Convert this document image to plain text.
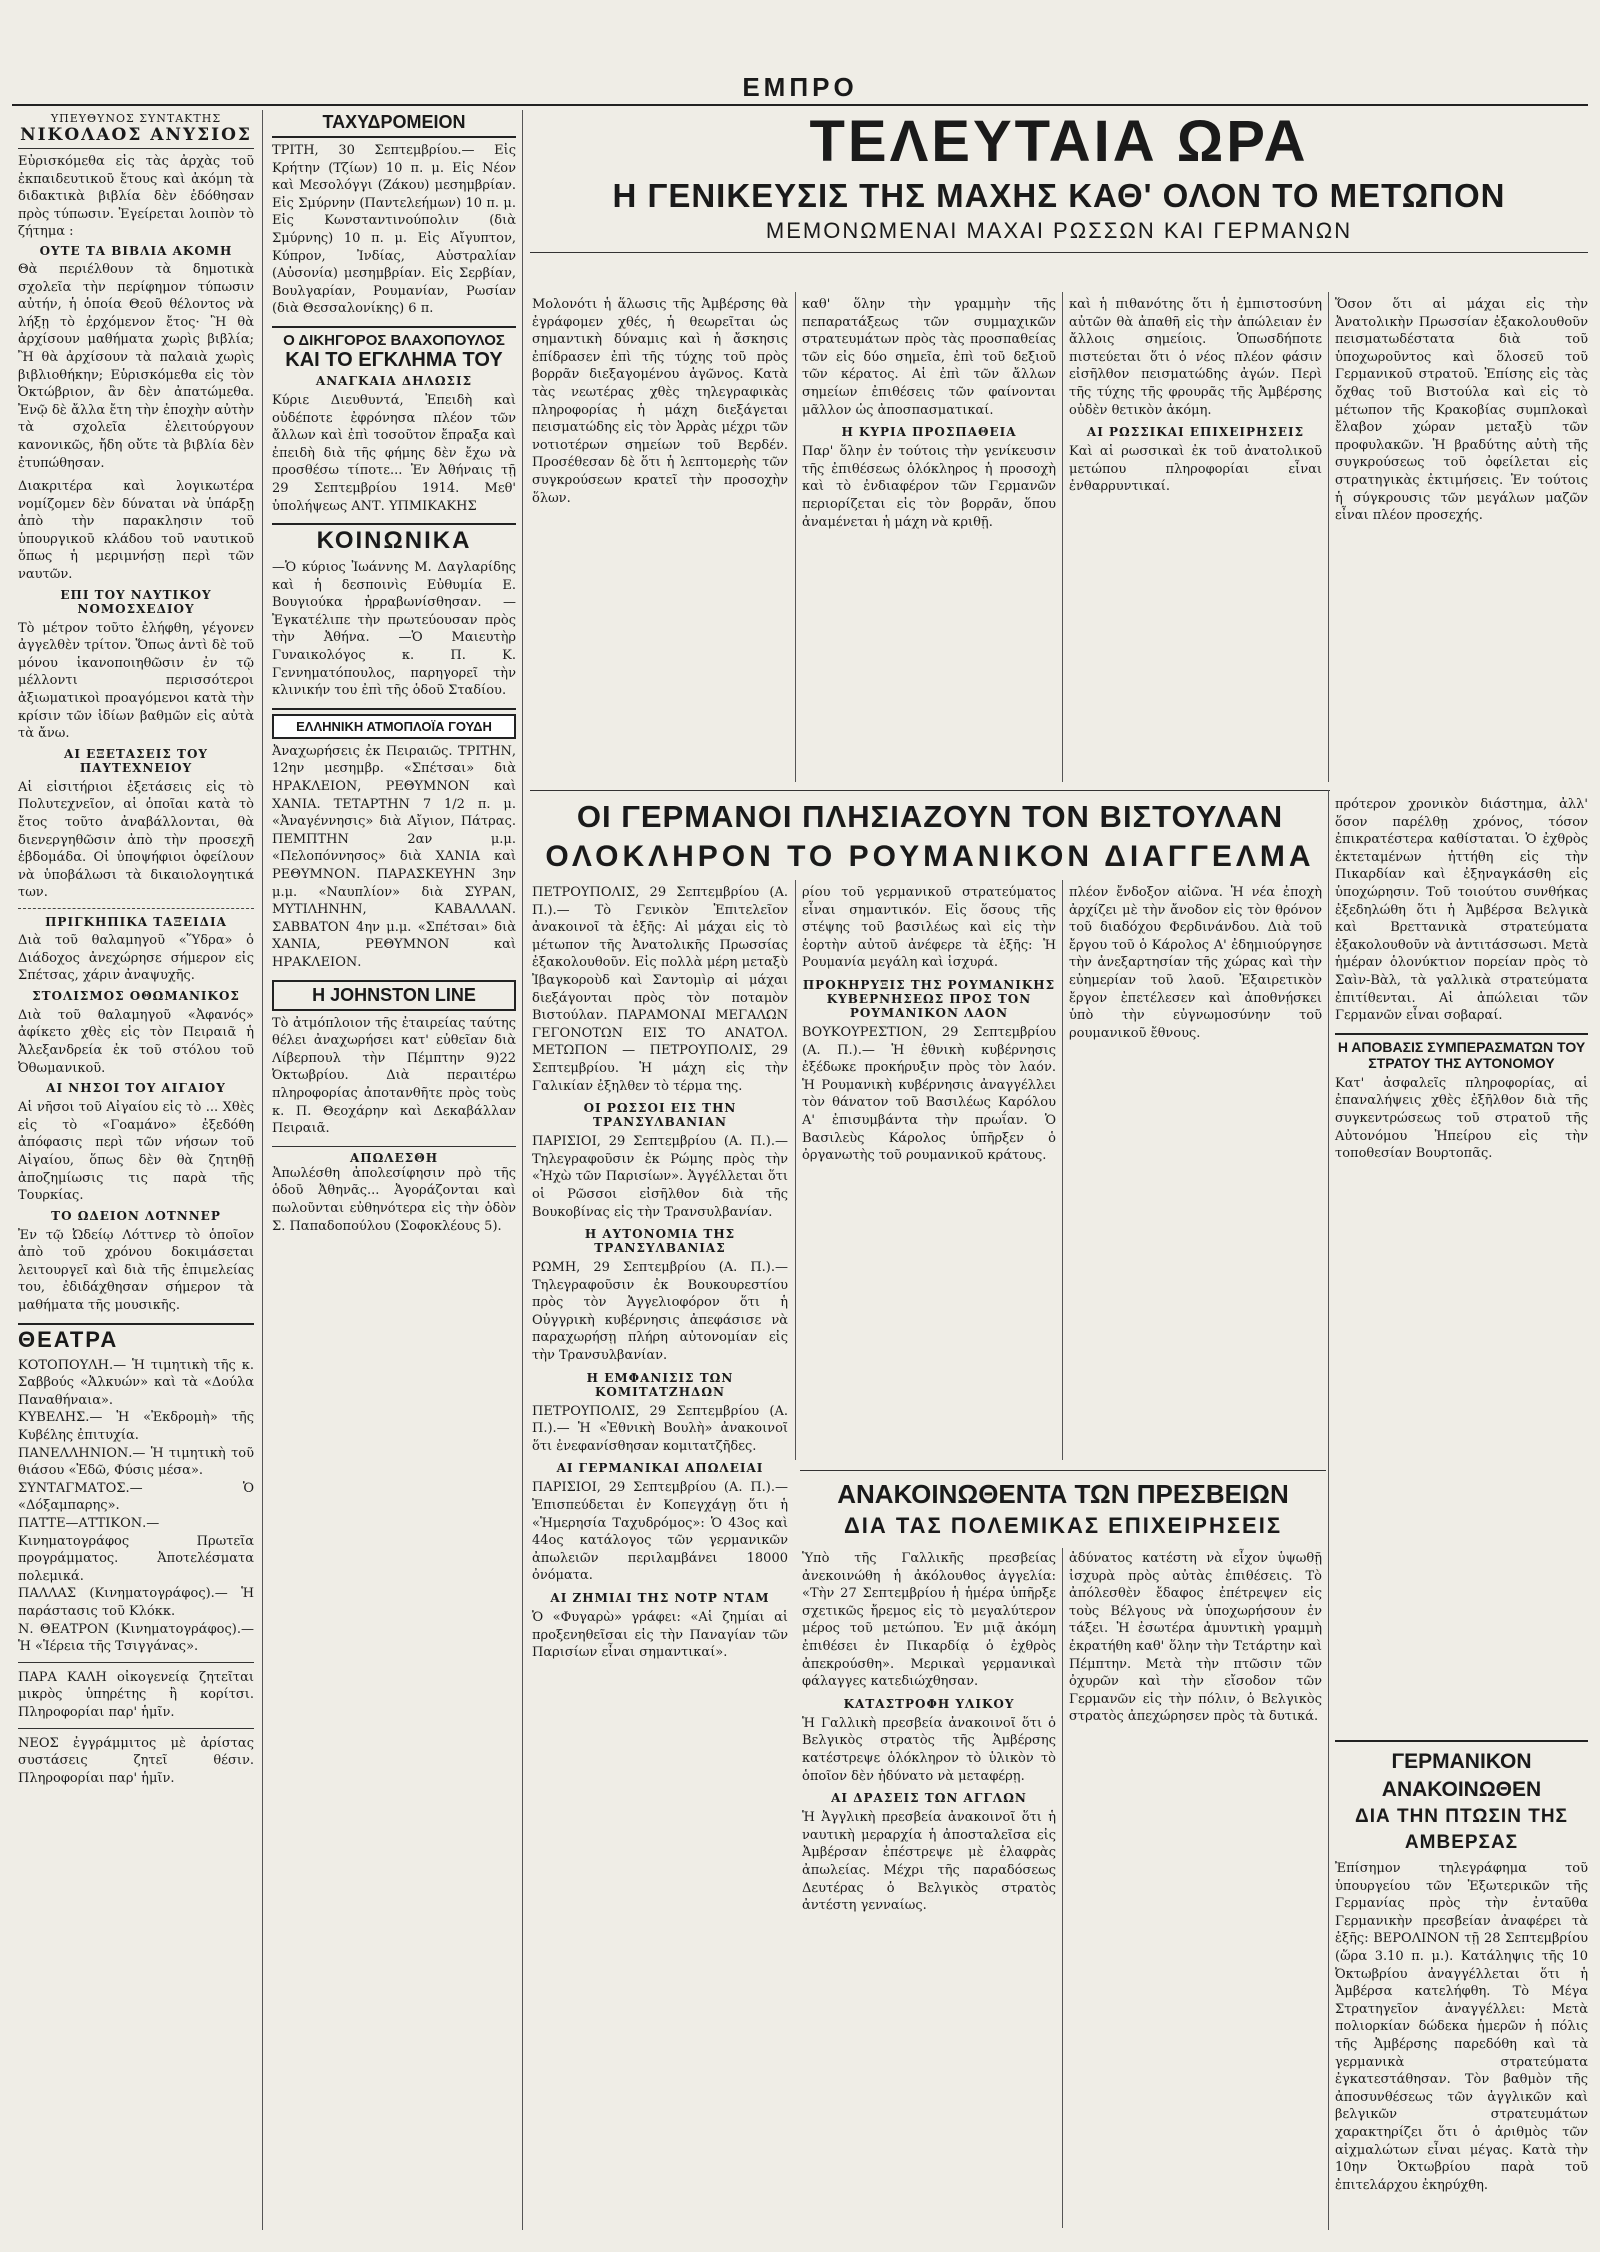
ΕΜΠΡΟ
ΥΠΕΥΘΥΝΟΣ ΣΥΝΤΑΚΤΗΣ
ΝΙΚΟΛΑΟΣ ΑΝΥΣΙΟΣ
Εὐρισκόμεθα εἰς τὰς ἀρχὰς τοῦ ἐκπαιδευτικοῦ ἔτους καὶ ἀκόμη τὰ διδακτικὰ βιβλία δὲν ἐδόθησαν πρὸς τύπωσιν. Ἐγείρεται λοιπὸν τὸ ζήτημα :
ΟΥΤΕ ΤΑ ΒΙΒΛΙΑ ΑΚΟΜΗ
Θὰ περιέλθουν τὰ δημοτικὰ σχολεῖα τὴν περίφημον τύπωσιν αὐτήν, ἡ ὁποία Θεοῦ θέλοντος νὰ λήξῃ τὸ ἐρχόμενον ἔτος· Ἢ θὰ ἀρχίσουν μαθήματα χωρὶς βιβλία; Ἢ θὰ ἀρχίσουν τὰ παλαιὰ χωρὶς βιβλιοθήκην; Εὑρισκόμεθα εἰς τὸν Ὀκτώβριον, ἂν δὲν ἀπατώμεθα. Ἐνῷ δὲ ἄλλα ἔτη τὴν ἐποχὴν αὐτὴν τὰ σχολεῖα ἐλειτούργουν κανονικῶς, ἤδη οὔτε τὰ βιβλία δὲν ἐτυπώθησαν.
Διακριτέρα καὶ λογικωτέρα νομίζομεν δὲν δύναται νὰ ὑπάρξῃ ἀπὸ τὴν παρακλησιν τοῦ ὑπουργικοῦ κλάδου τοῦ ναυτικοῦ ὅπως ἡ μεριμνήσῃ περὶ τῶν ναυτῶν.
ΕΠΙ ΤΟΥ ΝΑΥΤΙΚΟΥ ΝΟΜΟΣΧΕΔΙΟΥ
Τὸ μέτρον τοῦτο ἐλήφθη, γέγονεν ἀγγελθὲν τρίτον. Ὅπως ἀντὶ δὲ τοῦ μόνου ἱκανοποιηθῶσιν ἐν τῷ μέλλοντι περισσότεροι ἀξιωματικοὶ προαγόμενοι κατὰ τὴν κρίσιν τῶν ἰδίων βαθμῶν εἰς αὐτὰ τὰ ἄνω.
ΑΙ ΕΞΕΤΑΣΕΙΣ ΤΟΥ ΠΑΥΤΕΧΝΕΙΟΥ
Αἱ εἰσιτήριοι ἐξετάσεις εἰς τὸ Πολυτεχνεῖον, αἱ ὁποῖαι κατὰ τὸ ἔτος τοῦτο ἀναβάλλονται, θὰ διενεργηθῶσιν ἀπὸ τὴν προσεχῆ ἑβδομάδα. Οἱ ὑποψήφιοι ὀφείλουν νὰ ὑποβάλωσι τὰ δικαιολογητικά των.
ΠΡΙΓΚΗΠΙΚΑ ΤΑΞΕΙΔΙΑ
Διὰ τοῦ θαλαμηγοῦ «Ὕδρα» ὁ Διάδοχος ἀνεχώρησε σήμερον εἰς Σπέτσας, χάριν ἀναψυχῆς.
ΣΤΟΛΙΣΜΟΣ ΟΘΩΜΑΝΙΚΟΣ
Διὰ τοῦ θαλαμηγοῦ «Ἀφανός» ἀφίκετο χθὲς εἰς τὸν Πειραιᾶ ἡ Ἀλεξανδρεία ἐκ τοῦ στόλου τοῦ Ὀθωμανικοῦ.
ΑΙ ΝΗΣΟΙ ΤΟΥ ΑΙΓΑΙΟΥ
Αἱ νῆσοι τοῦ Αἰγαίου εἰς τὸ ... Χθὲς εἰς τὸ «Γοαμάνο» ἐξεδόθη ἀπόφασις περὶ τῶν νήσων τοῦ Αἰγαίου, ὅπως δὲν θὰ ζητηθῇ ἀποζημίωσις τις παρὰ τῆς Τουρκίας.
ΤΟ ΩΔΕΙΟΝ ΛΟΤΝΝΕΡ
Ἐν τῷ Ὠδείῳ Λόττνερ τὸ ὁποῖον ἀπὸ τοῦ χρόνου δοκιμάσεται λειτουργεῖ καὶ διὰ τῆς ἐπιμελείας του, ἐδιδάχθησαν σήμερον τὰ μαθήματα τῆς μουσικῆς.
ΘΕΑΤΡΑ
ΚΟΤΟΠΟΥΛΗ.— Ἡ τιμητικὴ τῆς κ. Σαββούς «Ἀλκυών» καὶ τὰ «Δούλα Παναθήναια».
ΚΥΒΕΛΗΣ.— Ἡ «Ἐκδρομὴ» τῆς Κυβέλης ἐπιτυχία.
ΠΑΝΕΛΛΗΝΙΟΝ.— Ἡ τιμητικὴ τοῦ θιάσου «Ἐδῶ, Φύσις μέσα».
ΣΥΝΤΑΓΜΑΤΟΣ.— Ὁ «Δόξαμπαρης».
ΠΑΤΤΕ—ΑΤΤΙΚΟΝ.— Κινηματογράφος Πρωτεῖα προγράμματος. Ἀποτελέσματα πολεμικά.
ΠΑΛΛΑΣ (Κινηματογράφος).— Ἡ παράστασις τοῦ Κλόκκ.
Ν. ΘΕΑΤΡΟΝ (Κινηματογράφος).— Ἡ «Ἱέρεια τῆς Τσιγγάνας».
ΠΑΡΑ ΚΑΛΗ οἰκογενείᾳ ζητεῖται μικρὸς ὑπηρέτης ἢ κορίτσι. Πληροφορίαι παρ' ἡμῖν.
ΝΕΟΣ ἐγγράμμιτος μὲ ἀρίστας συστάσεις ζητεῖ θέσιν. Πληροφορίαι παρ' ἡμῖν.
ΤΑΧΥΔΡΟΜΕΙΟΝ
ΤΡΙΤΗ, 30 Σεπτεμβρίου.— Εἰς Κρήτην (Τζίων) 10 π. μ. Εἰς Νέον καὶ Μεσολόγγι (Ζάκου) μεσημβρίαν. Εἰς Σμύρνην (Παντελεήμων) 10 π. μ. Εἰς Κωνσταντινούπολιν (διὰ Σμύρνης) 10 π. μ. Εἰς Αἴγυπτον, Κύπρον, Ἰνδίας, Αὐστραλίαν (Αὐσονία) μεσημβρίαν. Εἰς Σερβίαν, Βουλγαρίαν, Ρουμανίαν, Ρωσίαν (διὰ Θεσσαλονίκης) 6 π.
Ο ΔΙΚΗΓΟΡΟΣ ΒΛΑΧΟΠΟΥΛΟΣ
ΚΑΙ ΤΟ ΕΓΚΛΗΜΑ ΤΟΥ
ΑΝΑΓΚΑΙΑ ΔΗΛΩΣΙΣ
Κύριε Διευθυντά, Ἐπειδὴ καὶ οὐδέποτε ἐφρόνησα πλέον τῶν ἄλλων καὶ ἐπὶ τοσοῦτον ἔπραξα καὶ ἐπειδὴ διὰ τῆς φήμης δὲν ἔχω νὰ προσθέσω τίποτε... Ἐν Ἀθήναις τῇ 29 Σεπτεμβρίου 1914. Μεθ' ὑπολήψεως ΑΝΤ. ΥΠΜΙΚΑΚΗΣ
ΚΟΙΝΩΝΙΚΑ
—Ὁ κύριος Ἰωάννης Μ. Δαγλαρίδης καὶ ἡ δεσποινὶς Εὐθυμία Ε. Βουγιούκα ἠρραβωνίσθησαν. —Ἐγκατέλιπε τὴν πρωτεύουσαν πρὸς τὴν Ἀθήνα. —Ὁ Μαιευτὴρ Γυναικολόγος κ. Π. Κ. Γεννηματόπουλος, παρηγορεῖ τὴν κλινικήν του ἐπὶ τῆς ὁδοῦ Σταδίου.
ΕΛΛΗΝΙΚΗ ΑΤΜΟΠΛΟΪΑ ΓΟΥΔΗ
Ἀναχωρήσεις ἐκ Πειραιῶς. ΤΡΙΤΗΝ, 12ην μεσημβρ. «Σπέτσαι» διὰ ΗΡΑΚΛΕΙΟΝ, ΡΕΘΥΜΝΟΝ καὶ ΧΑΝΙΑ. ΤΕΤΑΡΤΗΝ 7 1/2 π. μ. «Ἀναγέννησις» διὰ Αἴγιον, Πάτρας. ΠΕΜΠΤΗΝ 2αν μ.μ. «Πελοπόννησος» διὰ ΧΑΝΙΑ καὶ ΡΕΘΥΜΝΟΝ. ΠΑΡΑΣΚΕΥΗΝ 3ην μ.μ. «Ναυπλίον» διὰ ΣΥΡΑΝ, ΜΥΤΙΛΗΝΗΝ, ΚΑΒΑΛΛΑΝ. ΣΑΒΒΑΤΟΝ 4ην μ.μ. «Σπέτσαι» διὰ ΧΑΝΙΑ, ΡΕΘΥΜΝΟΝ καὶ ΗΡΑΚΛΕΙΟΝ.
Η JOHNSTON LINE
Τὸ ἀτμόπλοιον τῆς ἐταιρείας ταύτης θέλει ἀναχωρήσει κατ' εὐθεῖαν διὰ Λίβερπουλ τὴν Πέμπτην 9)22 Ὀκτωβρίου. Διὰ περαιτέρω πληροφορίας ἀποτανθῆτε πρὸς τοὺς κ. Π. Θεοχάρην καὶ Δεκαβάλλαν Πειραιᾶ.
ΑΠΩΛΕΣΘΗ
Ἀπωλέσθη ἀπολεσίφησιν πρὸ τῆς ὁδοῦ Ἀθηνᾶς... Ἀγοράζονται καὶ πωλοῦνται εὐθηνότερα εἰς τὴν ὁδὸν Σ. Παπαδοπούλου (Σοφοκλέους 5).
ΤΕΛΕΥΤΑΙΑ ΩΡΑ
Η ΓΕΝΙΚΕΥΣΙΣ ΤΗΣ ΜΑΧΗΣ ΚΑΘ' ΟΛΟΝ ΤΟ ΜΕΤΩΠΟΝ
ΜΕΜΟΝΩΜΕΝΑΙ ΜΑΧΑΙ ΡΩΣΣΩΝ ΚΑΙ ΓΕΡΜΑΝΩΝ
Μολονότι ἡ ἅλωσις τῆς Ἀμβέρσης θὰ ἐγράφομεν χθές, ἡ θεωρεῖται ὡς σημαντικὴ δύναμις καὶ ἡ ἄσκησις ἐπίδρασεν ἐπὶ τῆς τύχης τοῦ πρὸς βορρᾶν διεξαγομένου ἀγῶνος. Κατὰ τὰς νεωτέρας χθὲς τηλεγραφικὰς πληροφορίας ἡ μάχη διεξάγεται πεισματώδης εἰς τὸν Ἀρρὰς μέχρι τῶν νοτιοτέρων σημείων τοῦ Βερδέν. Προσέθεσαν δὲ ὅτι ἡ λεπτομερὴς τῶν συγκρούσεων κρατεῖ τὴν προσοχὴν ὅλων.
καθ' ὅλην τὴν γραμμὴν τῆς πεπαρατάξεως τῶν συμμαχικῶν στρατευμάτων πρὸς τὰς προσπαθείας τῶν εἰς δύο σημεῖα, ἐπὶ τοῦ δεξιοῦ τῶν κέρατος. Αἱ ἐπὶ τῶν ἄλλων σημείων ἐπιθέσεις τῶν φαίνονται μᾶλλον ὡς ἀποσπασματικαί.
Η ΚΥΡΙΑ ΠΡΟΣΠΑΘΕΙΑ
Παρ' ὅλην ἐν τούτοις τὴν γενίκευσιν τῆς ἐπιθέσεως ὁλόκληρος ἡ προσοχὴ καὶ τὸ ἐνδιαφέρον τῶν Γερμανῶν περιορίζεται εἰς τὸν βορρᾶν, ὅπου ἀναμένεται ἡ μάχη νὰ κριθῇ.
καὶ ἡ πιθανότης ὅτι ἡ ἐμπιστοσύνη αὐτῶν θὰ ἀπαθῆ εἰς τὴν ἀπώλειαν ἐν ἄλλοις σημείοις. Ὁπωσδήποτε πιστεύεται ὅτι ὁ νέος πλέον φάσιν εἰσῆλθον πεισματώδης ἀγών. Περὶ τῆς τύχης τῆς φρουρᾶς τῆς Ἀμβέρσης οὐδὲν θετικὸν ἀκόμη.
ΑΙ ΡΩΣΣΙΚΑΙ ΕΠΙΧΕΙΡΗΣΕΙΣ
Καὶ αἱ ρωσσικαὶ ἐκ τοῦ ἀνατολικοῦ μετώπου πληροφορίαι εἶναι ἐνθαρρυντικαί.
Ὅσον ὅτι αἱ μάχαι εἰς τὴν Ἀνατολικὴν Πρωσσίαν ἐξακολουθοῦν πεισματωδέστατα διὰ τοῦ ὑποχωροῦντος καὶ ὅλοσεῦ τοῦ Γερμανικοῦ στρατοῦ. Ἐπίσης εἰς τὰς ὄχθας τοῦ Βιστούλα καὶ εἰς τὸ μέτωπον τῆς Κρακοβίας συμπλοκαὶ ἔλαβον χώραν μεταξὺ τῶν προφυλακῶν. Ἡ βραδύτης αὐτὴ τῆς συγκρούσεως τοῦ ὀφείλεται εἰς στρατηγικὰς ἐκτιμήσεις. Ἐν τούτοις ἡ σύγκρουσις τῶν μεγάλων μαζῶν εἶναι πλέον προσεχής.
ΟΙ ΓΕΡΜΑΝΟΙ ΠΛΗΣΙΑΖΟΥΝ ΤΟΝ ΒΙΣΤΟΥΛΑΝ
ΟΛΟΚΛΗΡΟΝ ΤΟ ΡΟΥΜΑΝΙΚΟΝ ΔΙΑΓΓΕΛΜΑ
ΠΕΤΡΟΥΠΟΛΙΣ, 29 Σεπτεμβρίου (Α. Π.).— Τὸ Γενικὸν Ἐπιτελεῖον ἀνακοινοῖ τὰ ἑξῆς: Αἱ μάχαι εἰς τὸ μέτωπον τῆς Ἀνατολικῆς Πρωσσίας ἐξακολουθοῦν. Εἰς πολλὰ μέρη μεταξὺ Ἰβαγκοροὺδ καὶ Σαντομὶρ αἱ μάχαι διεξάγονται πρὸς τὸν ποταμὸν Βιστούλαν. ΠΑΡΑΜΟΝΑΙ ΜΕΓΑΛΩΝ ΓΕΓΟΝΟΤΩΝ ΕΙΣ ΤΟ ΑΝΑΤΟΛ. ΜΕΤΩΠΟΝ — ΠΕΤΡΟΥΠΟΛΙΣ, 29 Σεπτεμβρίου. Ἡ μάχη εἰς τὴν Γαλικίαν ἐξηλθεν τὸ τέρμα της.
ΟΙ ΡΩΣΣΟΙ ΕΙΣ ΤΗΝ ΤΡΑΝΣΥΛΒΑΝΙΑΝ
ΠΑΡΙΣΙΟΙ, 29 Σεπτεμβρίου (Α. Π.).— Τηλεγραφοῦσιν ἐκ Ρώμης πρὸς τὴν «Ἠχὼ τῶν Παρισίων». Ἀγγέλλεται ὅτι οἱ Ρῶσσοι εἰσῆλθον διὰ τῆς Βουκοβίνας εἰς τὴν Τρανσυλβανίαν.
Η ΑΥΤΟΝΟΜΙΑ ΤΗΣ ΤΡΑΝΣΥΛΒΑΝΙΑΣ
ΡΩΜΗ, 29 Σεπτεμβρίου (Α. Π.).— Τηλεγραφοῦσιν ἐκ Βουκουρεστίου πρὸς τὸν Ἀγγελιοφόρον ὅτι ἡ Οὐγγρικὴ κυβέρνησις ἀπεφάσισε νὰ παραχωρήσῃ πλήρη αὐτονομίαν εἰς τὴν Τρανσυλβανίαν.
Η ΕΜΦΑΝΙΣΙΣ ΤΩΝ ΚΟΜΙΤΑΤΖΗΔΩΝ
ΠΕΤΡΟΥΠΟΛΙΣ, 29 Σεπτεμβρίου (Α. Π.).— Ἡ «Ἐθνικὴ Βουλὴ» ἀνακοινοῖ ὅτι ἐνεφανίσθησαν κομιτατζῆδες.
ΑΙ ΓΕΡΜΑΝΙΚΑΙ ΑΠΩΛΕΙΑΙ
ΠΑΡΙΣΙΟΙ, 29 Σεπτεμβρίου (Α. Π.).— Ἐπισπεύδεται ἐν Κοπεγχάγῃ ὅτι ἡ «Ἡμερησία Ταχυδρόμος»: Ὁ 43ος καὶ 44ος κατάλογος τῶν γερμανικῶν ἀπωλειῶν περιλαμβάνει 18000 ὀνόματα.
ΑΙ ΖΗΜΙΑΙ ΤΗΣ ΝΟΤΡ ΝΤΑΜ
Ὁ «Φυγαρὼ» γράφει: «Αἱ ζημίαι αἱ προξενηθεῖσαι εἰς τὴν Παναγίαν τῶν Παρισίων εἶναι σημαντικαί».
ρίου τοῦ γερμανικοῦ στρατεύματος εἶναι σημαντικόν. Εἰς ὅσους τῆς στέψης τοῦ βασιλέως καὶ εἰς τὴν ἑορτὴν αὐτοῦ ἀνέφερε τὰ ἑξῆς: Ἡ Ρουμανία μεγάλη καὶ ἰσχυρά.
ΠΡΟΚΗΡΥΞΙΣ ΤΗΣ ΡΟΥΜΑΝΙΚΗΣ ΚΥΒΕΡΝΗΣΕΩΣ ΠΡΟΣ ΤΟΝ ΡΟΥΜΑΝΙΚΟΝ ΛΑΟΝ
ΒΟΥΚΟΥΡΕΣΤΙΟΝ, 29 Σεπτεμβρίου (Α. Π.).— Ἡ ἐθνικὴ κυβέρνησις ἐξέδωκε προκήρυξιν πρὸς τὸν λαόν. Ἡ Ρουμανικὴ κυβέρνησις ἀναγγέλλει τὸν θάνατον τοῦ Βασιλέως Καρόλου Α' ἐπισυμβάντα τὴν πρωΐαν. Ὁ Βασιλεὺς Κάρολος ὑπῆρξεν ὁ ὀργανωτὴς τοῦ ρουμανικοῦ κράτους.
πλέον ἔνδοξον αἰῶνα. Ἡ νέα ἐποχὴ ἀρχίζει μὲ τὴν ἄνοδον εἰς τὸν θρόνον τοῦ διαδόχου Φερδινάνδου. Διὰ τοῦ ἔργου τοῦ ὁ Κάρολος Α' ἐδημιούργησε τὴν ἀνεξαρτησίαν τῆς χώρας καὶ τὴν εὐημερίαν τοῦ λαοῦ. Ἐξαιρετικὸν ἔργον ἐπετέλεσεν καὶ ἀποθνῄσκει ὑπὸ τὴν εὐγνωμοσύνην τοῦ ρουμανικοῦ ἔθνους.
πρότερον χρονικὸν διάστημα, ἀλλ' ὅσον παρέλθῃ χρόνος, τόσον ἐπικρατέστερα καθίσταται. Ὁ ἐχθρὸς ἐκτεταμένων ἠττήθη εἰς τὴν Πικαρδίαν καὶ ἐξηναγκάσθη εἰς ὑποχώρησιν. Τοῦ τοιούτου συνθήκας ἐξεδηλώθη ὅτι ἡ Ἀμβέρσα Βελγικὰ καὶ Βρεττανικὰ στρατεύματα ἐξακολουθοῦν νὰ ἀντιτάσσωσι. Μετὰ ἡμέραν ὁλονύκτιον πορείαν πρὸς τὸ Σαὶν-Βὰλ, τὰ γαλλικὰ στρατεύματα ἐπιτίθενται. Αἱ ἀπώλειαι τῶν Γερμανῶν εἶναι σοβαραί.
Η ΑΠΟΒΑΣΙΣ ΣΥΜΠΕΡΑΣΜΑΤΩΝ ΤΟΥ ΣΤΡΑΤΟΥ ΤΗΣ ΑΥΤΟΝΟΜΟΥ
Κατ' ἀσφαλεῖς πληροφορίας, αἱ ἐπαναλήψεις χθὲς ἐξῆλθον διὰ τῆς συγκεντρώσεως τοῦ στρατοῦ τῆς Αὐτονόμου Ἠπείρου εἰς τὴν τοποθεσίαν Βουρτοπᾶς.
ΑΝΑΚΟΙΝΩΘΕΝΤΑ ΤΩΝ ΠΡΕΣΒΕΙΩΝ
ΔΙΑ ΤΑΣ ΠΟΛΕΜΙΚΑΣ ΕΠΙΧΕΙΡΗΣΕΙΣ
Ὑπὸ τῆς Γαλλικῆς πρεσβείας ἀνεκοινώθη ἡ ἀκόλουθος ἀγγελία: «Τὴν 27 Σεπτεμβρίου ἡ ἡμέρα ὑπῆρξε σχετικῶς ἤρεμος εἰς τὸ μεγαλύτερον μέρος τοῦ μετώπου. Ἐν μιᾷ ἀκόμη ἐπιθέσει ἐν Πικαρδίᾳ ὁ ἐχθρὸς ἀπεκρούσθη». Μερικαὶ γερμανικαὶ φάλαγγες κατεδιώχθησαν.
ΚΑΤΑΣΤΡΟΦΗ ΥΛΙΚΟΥ
Ἡ Γαλλικὴ πρεσβεία ἀνακοινοῖ ὅτι ὁ Βελγικὸς στρατὸς τῆς Ἀμβέρσης κατέστρεψε ὁλόκληρον τὸ ὑλικὸν τὸ ὁποῖον δὲν ἠδύνατο νὰ μεταφέρῃ.
ΑΙ ΔΡΑΣΕΙΣ ΤΩΝ ΑΓΓΛΩΝ
Ἡ Ἀγγλικὴ πρεσβεία ἀνακοινοῖ ὅτι ἡ ναυτικὴ μεραρχία ἡ ἀποσταλεῖσα εἰς Ἀμβέρσαν ἐπέστρεψε μὲ ἐλαφρὰς ἀπωλείας. Μέχρι τῆς παραδόσεως Δευτέρας ὁ Βελγικὸς στρατὸς ἀντέστη γενναίως.
ἀδύνατος κατέστη νὰ εἶχον ὑψωθῇ ἰσχυρὰ πρὸς αὐτὰς ἐπιθέσεις. Τὸ ἀπόλεσθὲν ἔδαφος ἐπέτρεψεν εἰς τοὺς Βέλγους νὰ ὑποχωρήσουν ἐν τάξει. Ἡ ἐσωτέρα ἀμυντικὴ γραμμὴ ἐκρατήθη καθ' ὅλην τὴν Τετάρτην καὶ Πέμπτην. Μετὰ τὴν πτῶσιν τῶν ὀχυρῶν καὶ τὴν εἴσοδον τῶν Γερμανῶν εἰς τὴν πόλιν, ὁ Βελγικὸς στρατὸς ἀπεχώρησεν πρὸς τὰ δυτικά.
ΓΕΡΜΑΝΙΚΟΝ ΑΝΑΚΟΙΝΩΘΕΝ
ΔΙΑ ΤΗΝ ΠΤΩΣΙΝ ΤΗΣ ΑΜΒΕΡΣΑΣ
Ἐπίσημον τηλεγράφημα τοῦ ὑπουργείου τῶν Ἐξωτερικῶν τῆς Γερμανίας πρὸς τὴν ἐνταῦθα Γερμανικὴν πρεσβείαν ἀναφέρει τὰ ἑξῆς: ΒΕΡΟΛΙΝΟΝ τῇ 28 Σεπτεμβρίου (ὥρα 3.10 π. μ.). Κατάληψις τῆς 10 Ὀκτωβρίου ἀναγγέλλεται ὅτι ἡ Ἀμβέρσα κατελήφθη. Τὸ Μέγα Στρατηγεῖον ἀναγγέλλει: Μετὰ πολιορκίαν δώδεκα ἡμερῶν ἡ πόλις τῆς Ἀμβέρσης παρεδόθη καὶ τὰ γερμανικὰ στρατεύματα ἐγκατεστάθησαν. Τὸν βαθμὸν τῆς ἀποσυνθέσεως τῶν ἀγγλικῶν καὶ βελγικῶν στρατευμάτων χαρακτηρίζει ὅτι ὁ ἀριθμὸς τῶν αἰχμαλώτων εἶναι μέγας. Κατὰ τὴν 10ην Ὀκτωβρίου παρὰ τοῦ ἐπιτελάρχου ἐκηρύχθη.
